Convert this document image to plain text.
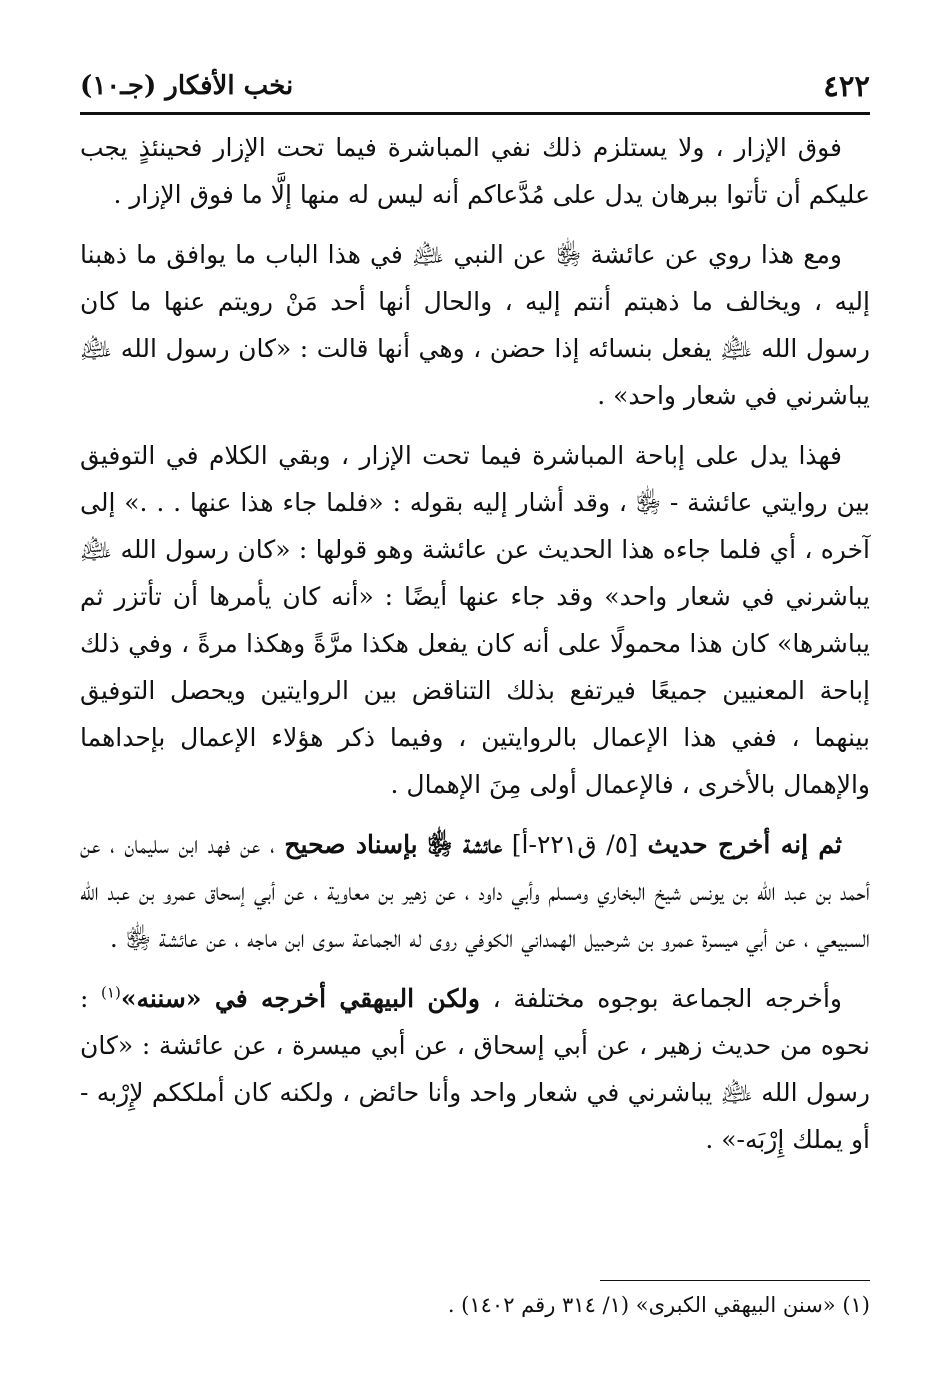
٤٢٢
نخب الأفكار (جـ١٠)

فوق الإزار ، ولا يستلزم ذلك نفي المباشرة فيما تحت الإزار فحينئذٍ يجب عليكم أن تأتوا ببرهان يدل على مُدَّعاكم أنه ليس له منها إلَّا ما فوق الإزار .

ومع هذا روي عن عائشة ﵂ عن النبي ﵇ في هذا الباب ما يوافق ما ذهبنا إليه ، ويخالف ما ذهبتم أنتم إليه ، والحال أنها أحد مَنْ رويتم عنها ما كان رسول الله ﵇ يفعل بنسائه إذا حضن ، وهي أنها قالت : «كان رسول الله ﵇ يباشرني في شعار واحد» .

فهذا يدل على إباحة المباشرة فيما تحت الإزار ، وبقي الكلام في التوفيق بين روايتي عائشة - ﵂ ، وقد أشار إليه بقوله : «فلما جاء هذا عنها . . .» إلى آخره ، أي فلما جاءه هذا الحديث عن عائشة وهو قولها : «كان رسول الله ﵇ يباشرني في شعار واحد» وقد جاء عنها أيضًا : «أنه كان يأمرها أن تأتزر ثم يباشرها» كان هذا محمولًا على أنه كان يفعل هكذا مرَّةً وهكذا مرةً ، وفي ذلك إباحة المعنيين جميعًا فيرتفع بذلك التناقض بين الروايتين ويحصل التوفيق بينهما ، ففي هذا الإعمال بالروايتين ، وفيما ذكر هؤلاء الإعمال بإحداهما والإهمال بالأخرى ، فالإعمال أولى مِنَ الإهمال .

ثم إنه أخرج حديث [٥/ ق٢٢١-أ] عائشة ﵂ بإسناد صحيح ، عن فهد ابن سليمان ، عن أحمد بن عبد الله بن يونس شيخ البخاري ومسلم وأبي داود ، عن زهير بن معاوية ، عن أبي إسحاق عمرو بن عبد الله السبيعي ، عن أبي ميسرة عمرو بن شرحبيل الهمداني الكوفي روى له الجماعة سوى ابن ماجه ، عن عائشة ﵂ .

وأخرجه الجماعة بوجوه مختلفة ، ولكن البيهقي أخرجه في «سننه»$^{(١)}$ : نحوه من حديث زهير ، عن أبي إسحاق ، عن أبي ميسرة ، عن عائشة : «كان رسول الله ﵇ يباشرني في شعار واحد وأنا حائض ، ولكنه كان أملككم لإِرْبه - أو يملك إِرْبَه-» .

(١) «سنن البيهقي الكبرى» (١/ ٣١٤ رقم ١٤٠٢) .
